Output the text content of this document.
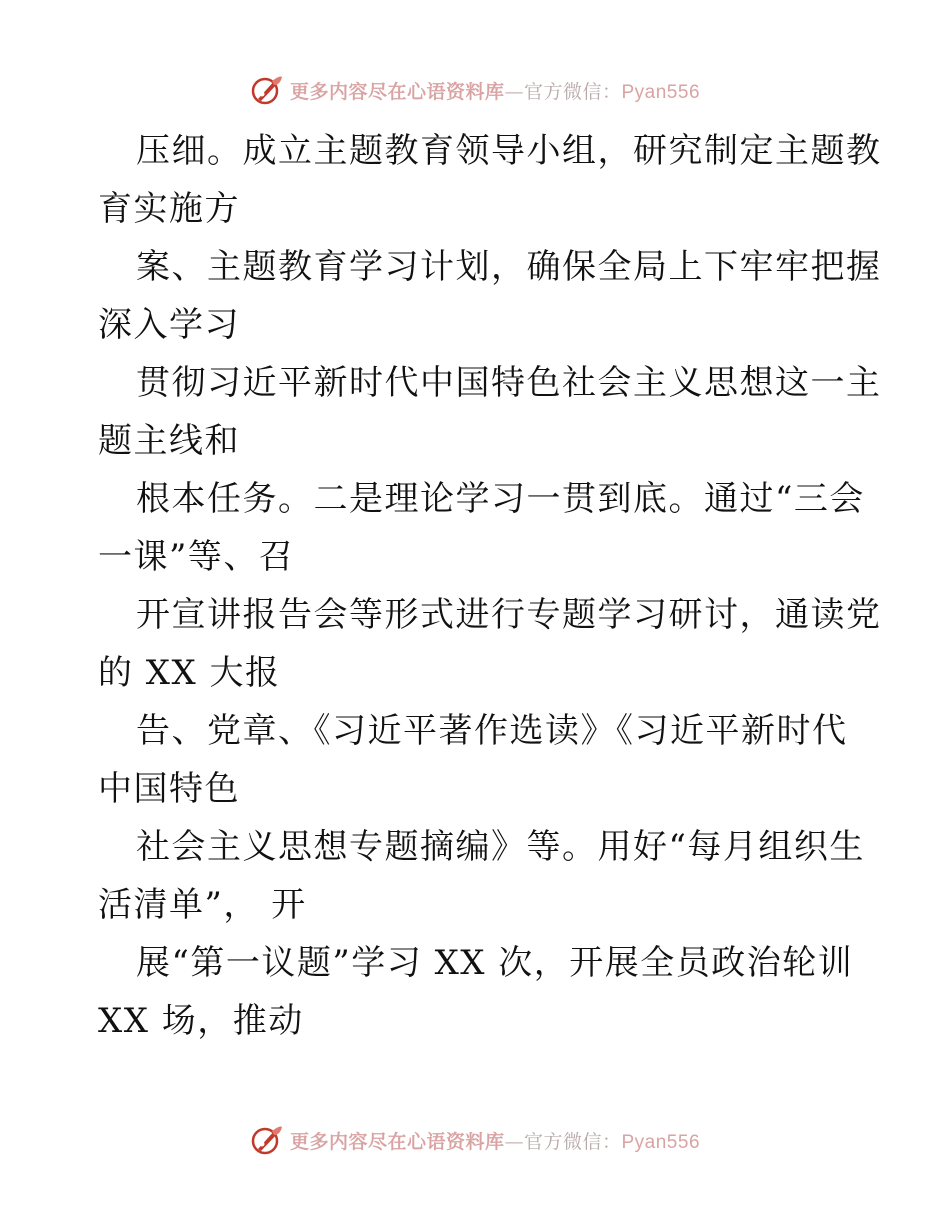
更多内容尽在心语资料库—官方微信：Pyan556
压细。成立主题教育领导小组，研究制定主题教
育实施方
案、主题教育学习计划，确保全局上下牢牢把握
深入学习
贯彻习近平新时代中国特色社会主义思想这一主
题主线和
根本任务。二是理论学习一贯到底。通过“三会
一课”等、召
开宣讲报告会等形式进行专题学习研讨，通读党
的 XX 大报
告、党章、《习近平著作选读》《习近平新时代
中国特色
社会主义思想专题摘编》等。用好“每月组织生
活清单”， 开
展“第一议题”学习 XX 次，开展全员政治轮训
XX 场，推动
更多内容尽在心语资料库—官方微信：Pyan556
